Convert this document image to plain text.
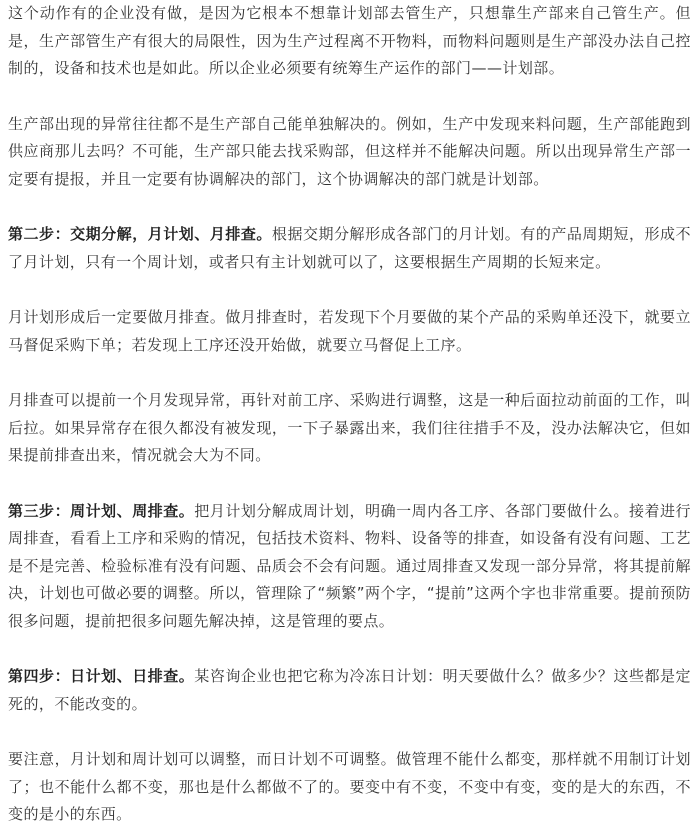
这个动作有的企业没有做，是因为它根本不想靠计划部去管生产，只想靠生产部来自己管生产。但是，生产部管生产有很大的局限性，因为生产过程离不开物料，而物料问题则是生产部没办法自己控制的，设备和技术也是如此。所以企业必须要有统筹生产运作的部门——计划部。

生产部出现的异常往往都不是生产部自己能单独解决的。例如，生产中发现来料问题，生产部能跑到供应商那儿去吗？不可能，生产部只能去找采购部，但这样并不能解决问题。所以出现异常生产部一定要有提报，并且一定要有协调解决的部门，这个协调解决的部门就是计划部。

第二步：交期分解，月计划、月排查。根据交期分解形成各部门的月计划。有的产品周期短，形成不了月计划，只有一个周计划，或者只有主计划就可以了，这要根据生产周期的长短来定。

月计划形成后一定要做月排查。做月排查时，若发现下个月要做的某个产品的采购单还没下，就要立马督促采购下单；若发现上工序还没开始做，就要立马督促上工序。

月排查可以提前一个月发现异常，再针对前工序、采购进行调整，这是一种后面拉动前面的工作，叫后拉。如果异常存在很久都没有被发现，一下子暴露出来，我们往往措手不及，没办法解决它，但如果提前排查出来，情况就会大为不同。

第三步：周计划、周排查。把月计划分解成周计划，明确一周内各工序、各部门要做什么。接着进行周排查，看看上工序和采购的情况，包括技术资料、物料、设备等的排查，如设备有没有问题、工艺是不是完善、检验标准有没有问题、品质会不会有问题。通过周排查又发现一部分异常，将其提前解决，计划也可做必要的调整。所以，管理除了“频繁”两个字，“提前”这两个字也非常重要。提前预防很多问题，提前把很多问题先解决掉，这是管理的要点。

第四步：日计划、日排查。某咨询企业也把它称为冷冻日计划：明天要做什么？做多少？这些都是定死的，不能改变的。

要注意，月计划和周计划可以调整，而日计划不可调整。做管理不能什么都变，那样就不用制订计划了；也不能什么都不变，那也是什么都做不了的。要变中有不变，不变中有变，变的是大的东西，不变的是小的东西。
